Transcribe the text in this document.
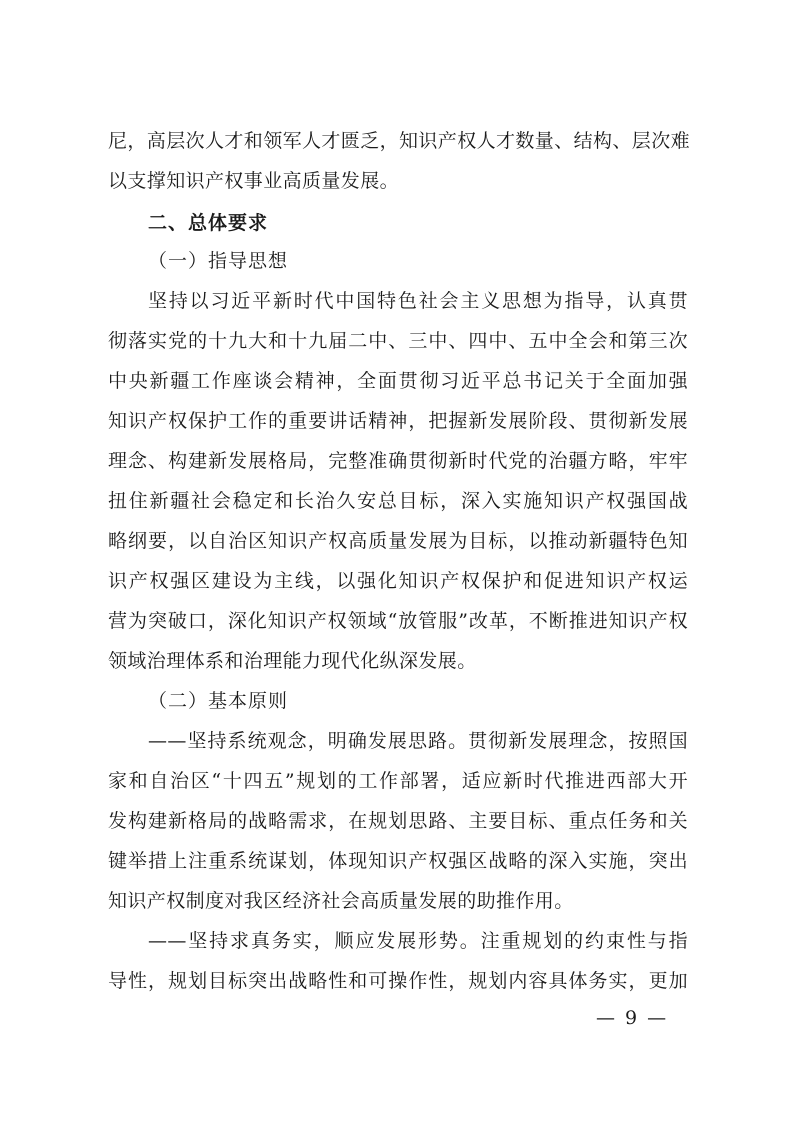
尼，高层次人才和领军人才匮乏，知识产权人才数量、结构、层次难
以支撑知识产权事业高质量发展。
二、总体要求
（一）指导思想
坚持以习近平新时代中国特色社会主义思想为指导，认真贯
彻落实党的十九大和十九届二中、三中、四中、五中全会和第三次
中央新疆工作座谈会精神，全面贯彻习近平总书记关于全面加强
知识产权保护工作的重要讲话精神，把握新发展阶段、贯彻新发展
理念、构建新发展格局，完整准确贯彻新时代党的治疆方略，牢牢
扭住新疆社会稳定和长治久安总目标，深入实施知识产权强国战
略纲要，以自治区知识产权高质量发展为目标，以推动新疆特色知
识产权强区建设为主线，以强化知识产权保护和促进知识产权运
营为突破口，深化知识产权领域“放管服”改革，不断推进知识产权
领域治理体系和治理能力现代化纵深发展。
（二）基本原则
——坚持系统观念，明确发展思路。贯彻新发展理念，按照国
家和自治区“十四五”规划的工作部署，适应新时代推进西部大开
发构建新格局的战略需求，在规划思路、主要目标、重点任务和关
键举措上注重系统谋划，体现知识产权强区战略的深入实施，突出
知识产权制度对我区经济社会高质量发展的助推作用。
——坚持求真务实，顺应发展形势。注重规划的约束性与指
导性，规划目标突出战略性和可操作性，规划内容具体务实，更加
— 9 —
